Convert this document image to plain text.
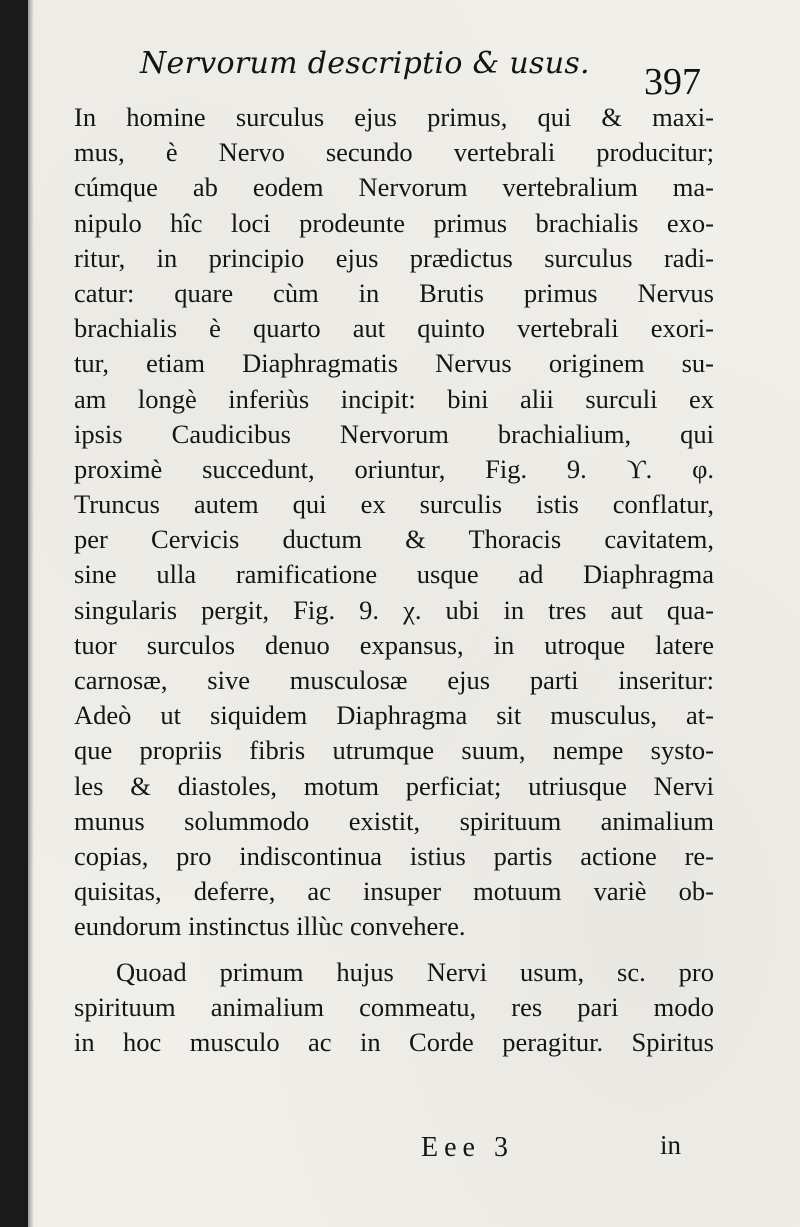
Nervorum descriptio & usus. 397
In homine surculus ejus primus, qui & maxi-
mus, è Nervo secundo vertebrali producitur;
cúmque ab eodem Nervorum vertebralium ma-
nipulo hîc loci prodeunte primus brachialis exo-
ritur, in principio ejus prædictus surculus radi-
catur: quare cùm in Brutis primus Nervus
brachialis è quarto aut quinto vertebrali exori-
tur, etiam Diaphragmatis Nervus originem su-
am longè inferiùs incipit: bini alii surculi ex
ipsis Caudicibus Nervorum brachialium, qui
proximè succedunt, oriuntur, Fig. 9. ϒ. φ.
Truncus autem qui ex surculis istis conflatur,
per Cervicis ductum & Thoracis cavitatem,
sine ulla ramificatione usque ad Diaphragma
singularis pergit, Fig. 9. χ. ubi in tres aut qua-
tuor surculos denuo expansus, in utroque latere
carnosæ, sive musculosæ ejus parti inseritur:
Adeò ut siquidem Diaphragma sit musculus, at-
que propriis fibris utrumque suum, nempe systo-
les & diastoles, motum perficiat; utriusque Nervi
munus solummodo existit, spirituum animalium
copias, pro indiscontinua istius partis actione re-
quisitas, deferre, ac insuper motuum variè ob-
eundorum instinctus illùc convehere.
Quoad primum hujus Nervi usum, sc. pro
spirituum animalium commeatu, res pari modo
in hoc musculo ac in Corde peragitur. Spiritus
Eee 3	in
